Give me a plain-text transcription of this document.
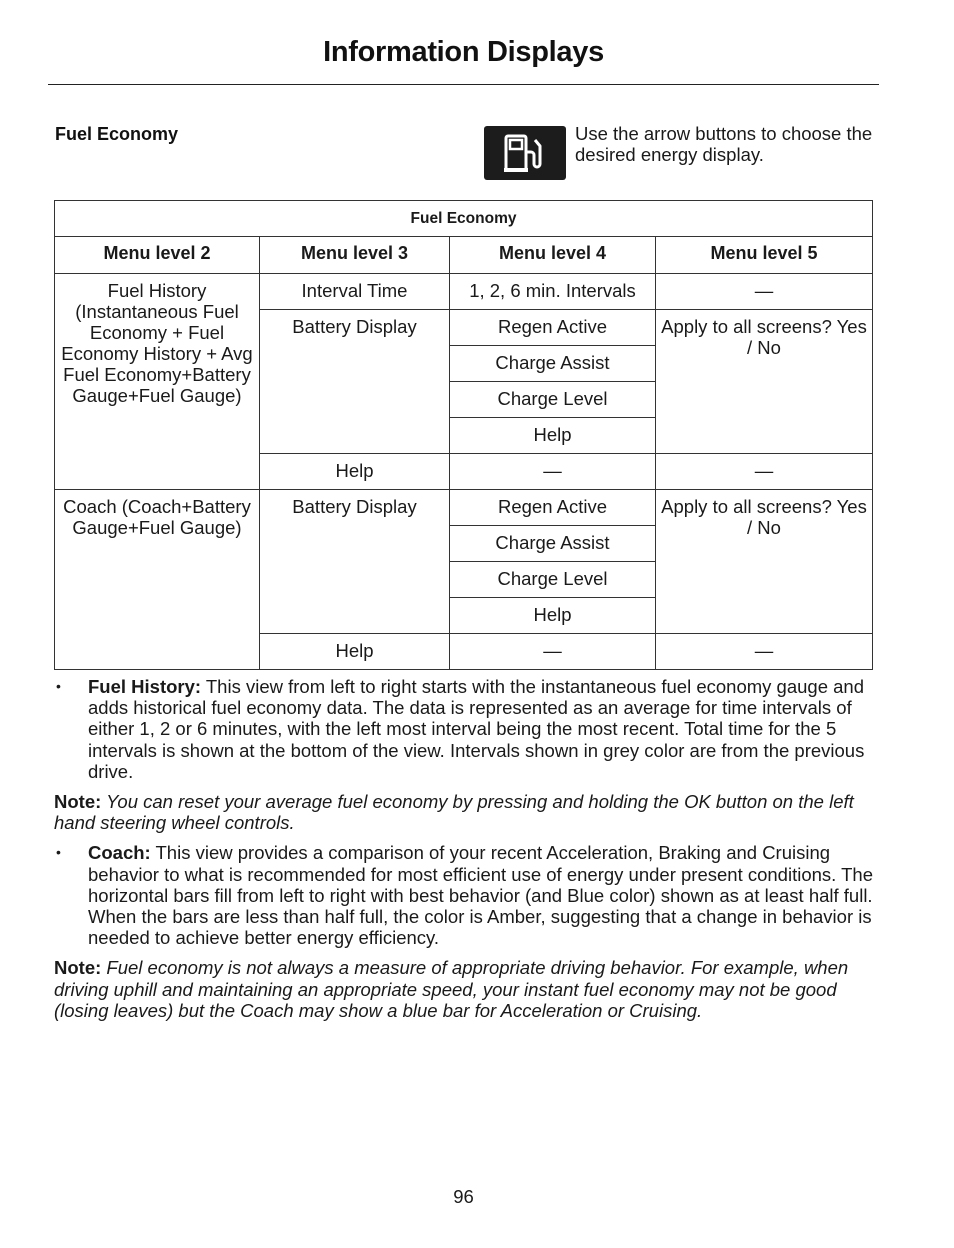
Information Displays
Fuel Economy	Use the arrow buttons to choose the desired energy display.
Fuel Economy			
Menu level 2	Menu level 3	Menu level 4	Menu level 5
Fuel History (Instantaneous Fuel Economy + Fuel Economy History + Avg Fuel Economy+Battery Gauge+Fuel Gauge)	Interval Time	1, 2, 6 min. Intervals	—
	Battery Display	Regen Active	Apply to all screens? Yes / No
		Charge Assist	
		Charge Level	
		Help	
	Help	—	—
Coach (Coach+Battery Gauge+Fuel Gauge)	Battery Display	Regen Active	Apply to all screens? Yes / No
		Charge Assist	
		Charge Level	
		Help	
	Help	—	—

• Fuel History: This view from left to right starts with the instantaneous fuel economy gauge and adds historical fuel economy data. The data is represented as an average for time intervals of either 1, 2 or 6 minutes, with the left most interval being the most recent. Total time for the 5 intervals is shown at the bottom of the view. Intervals shown in grey color are from the previous drive.

Note: You can reset your average fuel economy by pressing and holding the OK button on the left hand steering wheel controls.

• Coach: This view provides a comparison of your recent Acceleration, Braking and Cruising behavior to what is recommended for most efficient use of energy under present conditions. The horizontal bars fill from left to right with best behavior (and Blue color) shown as at least half full. When the bars are less than half full, the color is Amber, suggesting that a change in behavior is needed to achieve better energy efficiency.

Note: Fuel economy is not always a measure of appropriate driving behavior. For example, when driving uphill and maintaining an appropriate speed, your instant fuel economy may not be good (losing leaves) but the Coach may show a blue bar for Acceleration or Cruising.

96
